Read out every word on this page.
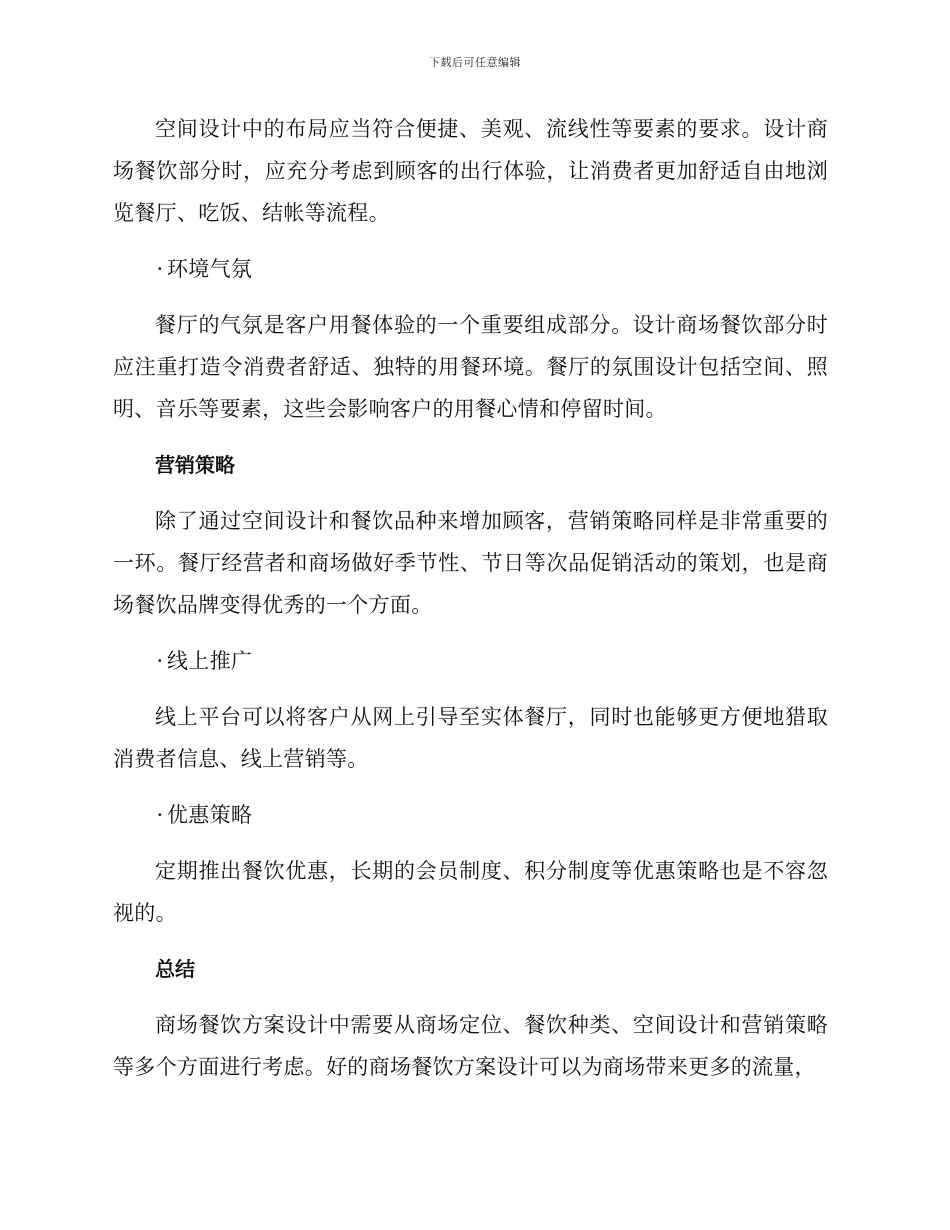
下载后可任意编辑

空间设计中的布局应当符合便捷、美观、流线性等要素的要求。设计商场餐饮部分时，应充分考虑到顾客的出行体验，让消费者更加舒适自由地浏览餐厅、吃饭、结帐等流程。

· 环境气氛

餐厅的气氛是客户用餐体验的一个重要组成部分。设计商场餐饮部分时应注重打造令消费者舒适、独特的用餐环境。餐厅的氛围设计包括空间、照明、音乐等要素，这些会影响客户的用餐心情和停留时间。

营销策略

除了通过空间设计和餐饮品种来增加顾客，营销策略同样是非常重要的一环。餐厅经营者和商场做好季节性、节日等次品促销活动的策划，也是商场餐饮品牌变得优秀的一个方面。

· 线上推广

线上平台可以将客户从网上引导至实体餐厅，同时也能够更方便地猎取消费者信息、线上营销等。

· 优惠策略

定期推出餐饮优惠，长期的会员制度、积分制度等优惠策略也是不容忽视的。

总结

商场餐饮方案设计中需要从商场定位、餐饮种类、空间设计和营销策略等多个方面进行考虑。好的商场餐饮方案设计可以为商场带来更多的流量，
